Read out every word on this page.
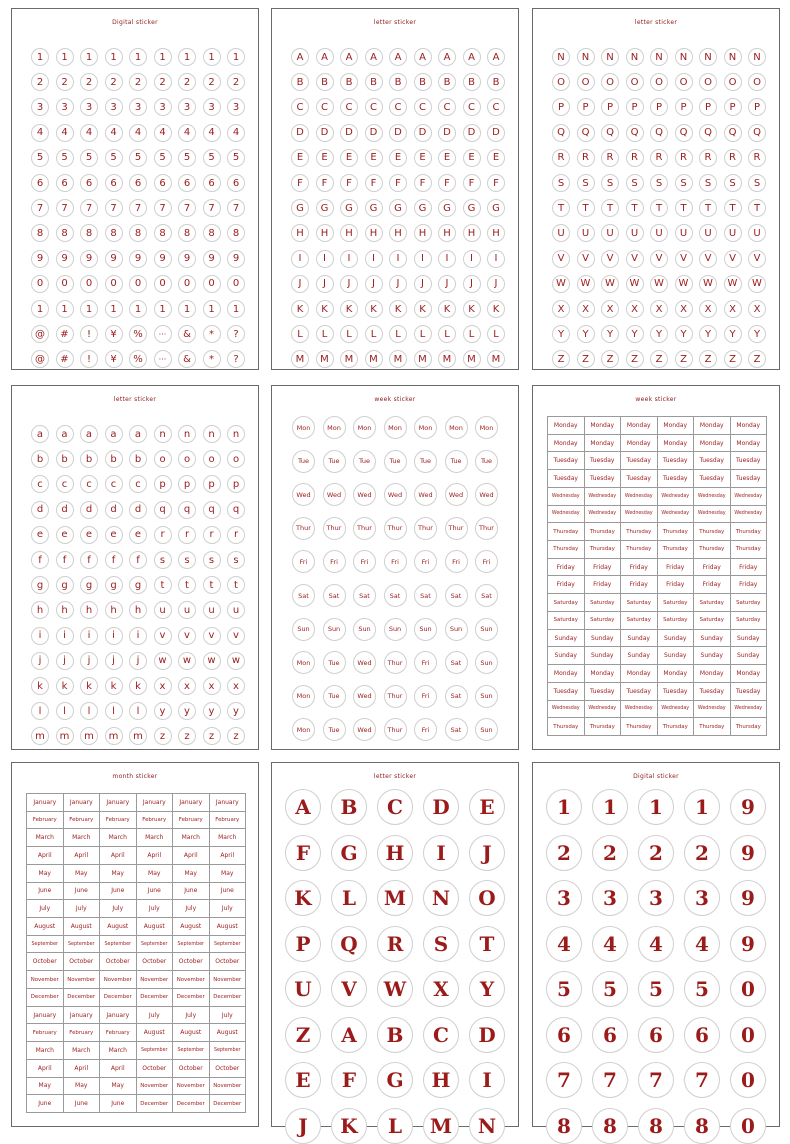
Digital sticker
1	1	1	1	1	1	1	1	1
2	2	2	2	2	2	2	2	2
3	3	3	3	3	3	3	3	3
4	4	4	4	4	4	4	4	4
5	5	5	5	5	5	5	5	5
6	6	6	6	6	6	6	6	6
7	7	7	7	7	7	7	7	7
8	8	8	8	8	8	8	8	8
9	9	9	9	9	9	9	9	9
0	0	0	0	0	0	0	0	0
1	1	1	1	1	1	1	1	1
@	#	!	¥	%	···	&	*	?
@	#	!	¥	%	···	&	*	?
letter sticker
A	A	A	A	A	A	A	A	A
B	B	B	B	B	B	B	B	B
C	C	C	C	C	C	C	C	C
D	D	D	D	D	D	D	D	D
E	E	E	E	E	E	E	E	E
F	F	F	F	F	F	F	F	F
G	G	G	G	G	G	G	G	G
H	H	H	H	H	H	H	H	H
I	I	I	I	I	I	I	I	I
J	J	J	J	J	J	J	J	J
K	K	K	K	K	K	K	K	K
L	L	L	L	L	L	L	L	L
M	M	M	M	M	M	M	M	M
letter sticker
N	N	N	N	N	N	N	N	N
O	O	O	O	O	O	O	O	O
P	P	P	P	P	P	P	P	P
Q	Q	Q	Q	Q	Q	Q	Q	Q
R	R	R	R	R	R	R	R	R
S	S	S	S	S	S	S	S	S
T	T	T	T	T	T	T	T	T
U	U	U	U	U	U	U	U	U
V	V	V	V	V	V	V	V	V
W	W	W	W	W	W	W	W	W
X	X	X	X	X	X	X	X	X
Y	Y	Y	Y	Y	Y	Y	Y	Y
Z	Z	Z	Z	Z	Z	Z	Z	Z
letter sticker
a	a	a	a	a	n	n	n	n
b	b	b	b	b	o	o	o	o
c	c	c	c	c	p	p	p	p
d	d	d	d	d	q	q	q	q
e	e	e	e	e	r	r	r	r
f	f	f	f	f	s	s	s	s
g	g	g	g	g	t	t	t	t
h	h	h	h	h	u	u	u	u
i	i	i	i	i	v	v	v	v
j	j	j	j	j	w	w	w	w
k	k	k	k	k	x	x	x	x
l	l	l	l	l	y	y	y	y
m	m	m	m	m	z	z	z	z
week sticker
Mon	Mon	Mon	Mon	Mon	Mon	Mon
Tue	Tue	Tue	Tue	Tue	Tue	Tue
Wed	Wed	Wed	Wed	Wed	Wed	Wed
Thur	Thur	Thur	Thur	Thur	Thur	Thur
Fri	Fri	Fri	Fri	Fri	Fri	Fri
Sat	Sat	Sat	Sat	Sat	Sat	Sat
Sun	Sun	Sun	Sun	Sun	Sun	Sun
Mon	Tue	Wed	Thur	Fri	Sat	Sun
Mon	Tue	Wed	Thur	Fri	Sat	Sun
Mon	Tue	Wed	Thur	Fri	Sat	Sun
week sticker
Monday	Monday	Monday	Monday	Monday	Monday
Monday	Monday	Monday	Monday	Monday	Monday
Tuesday	Tuesday	Tuesday	Tuesday	Tuesday	Tuesday
Tuesday	Tuesday	Tuesday	Tuesday	Tuesday	Tuesday
Wednesday	Wednesday	Wednesday	Wednesday	Wednesday	Wednesday
Wednesday	Wednesday	Wednesday	Wednesday	Wednesday	Wednesday
Thursday	Thursday	Thursday	Thursday	Thursday	Thursday
Thursday	Thursday	Thursday	Thursday	Thursday	Thursday
Friday	Friday	Friday	Friday	Friday	Friday
Friday	Friday	Friday	Friday	Friday	Friday
Saturday	Saturday	Saturday	Saturday	Saturday	Saturday
Saturday	Saturday	Saturday	Saturday	Saturday	Saturday
Sunday	Sunday	Sunday	Sunday	Sunday	Sunday
Sunday	Sunday	Sunday	Sunday	Sunday	Sunday
Monday	Monday	Monday	Monday	Monday	Monday
Tuesday	Tuesday	Tuesday	Tuesday	Tuesday	Tuesday
Wednesday	Wednesday	Wednesday	Wednesday	Wednesday	Wednesday
Thursday	Thursday	Thursday	Thursday	Thursday	Thursday
month sticker
January	January	January	January	January	January
February	February	February	February	February	February
March	March	March	March	March	March
April	April	April	April	April	April
May	May	May	May	May	May
June	June	June	June	June	June
July	July	July	July	July	July
August	August	August	August	August	August
September	September	September	September	September	September
October	October	October	October	October	October
November	November	November	November	November	November
December	December	December	December	December	December
January	January	January	July	July	July
February	February	February	August	August	August
March	March	March	September	September	September
April	April	April	October	October	October
May	May	May	November	November	November
June	June	June	December	December	December
letter sticker
A	B	C	D	E
F	G	H	I	J
K	L	M	N	O
P	Q	R	S	T
U	V	W	X	Y
Z	A	B	C	D
E	F	G	H	I
J	K	L	M	N
Digital sticker
1	1	1	1	9
2	2	2	2	9
3	3	3	3	9
4	4	4	4	9
5	5	5	5	0
6	6	6	6	0
7	7	7	7	0
8	8	8	8	0
